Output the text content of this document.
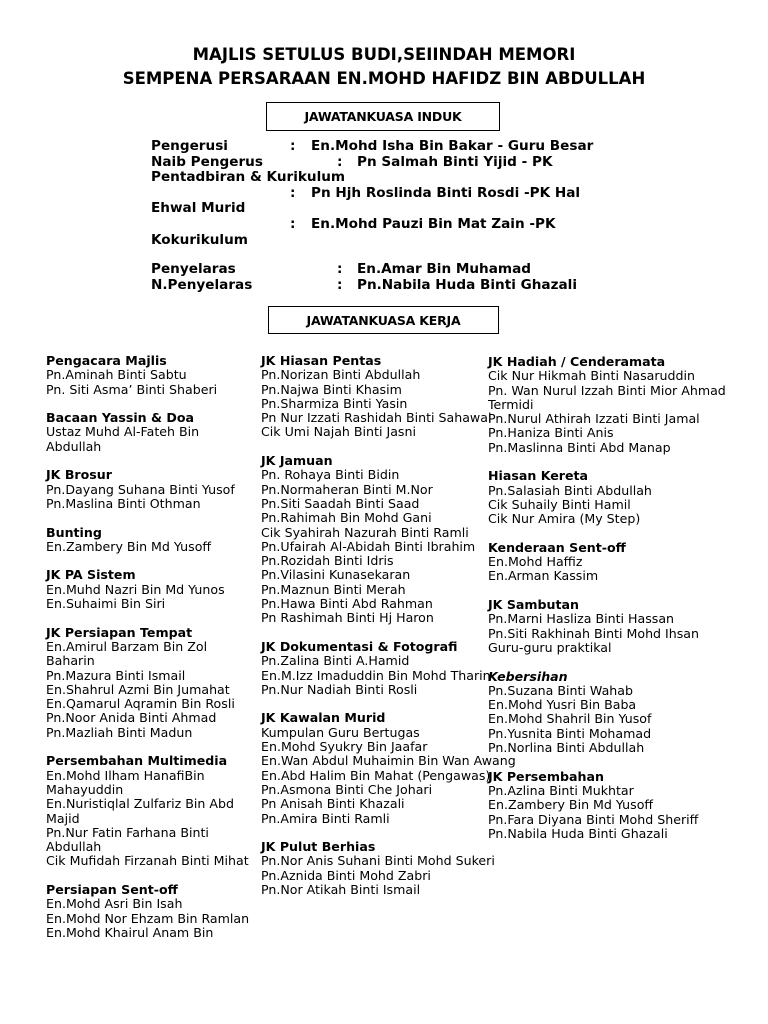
MAJLIS SETULUS BUDI,SEIINDAH MEMORI
SEMPENA PERSARAAN EN.MOHD HAFIDZ BIN ABDULLAH
JAWATANKUASA INDUK
Pengerusi	: En.Mohd Isha Bin Bakar - Guru Besar
Naib Pengerus	: Pn Salmah Binti Yijid - PK
Pentadbiran & Kurikulum
: Pn Hjh Roslinda Binti Rosdi -PK Hal
Ehwal Murid
: En.Mohd Pauzi Bin Mat Zain -PK
Kokurikulum
Penyelaras	: En.Amar Bin Muhamad
N.Penyelaras	: Pn.Nabila Huda Binti Ghazali
JAWATANKUASA KERJA
Pengacara Majlis
Pn.Aminah Binti Sabtu
Pn. Siti Asma’ Binti Shaberi
Bacaan Yassin & Doa
Ustaz Muhd Al-Fateh Bin Abdullah
JK Brosur
Pn.Dayang Suhana Binti Yusof
Pn.Maslina Binti Othman
Bunting
En.Zambery Bin Md Yusoff
JK PA Sistem
En.Muhd Nazri Bin Md Yunos
En.Suhaimi Bin Siri
JK Persiapan Tempat
En.Amirul Barzam Bin Zol Baharin
Pn.Mazura Binti Ismail
En.Shahrul Azmi Bin Jumahat
En.Qamarul Aqramin Bin Rosli
Pn.Noor Anida Binti Ahmad
Pn.Mazliah Binti Madun
Persembahan Multimedia
En.Mohd Ilham HanafiBin Mahayuddin
En.Nuristiqlal Zulfariz Bin Abd Majid
Pn.Nur Fatin Farhana Binti Abdullah
Cik Mufidah Firzanah Binti Mihat
Persiapan Sent-off
En.Mohd Asri Bin Isah
En.Mohd Nor Ehzam Bin Ramlan
En.Mohd Khairul Anam Bin
JK Hiasan Pentas
Pn.Norizan Binti Abdullah
Pn.Najwa Binti Khasim
Pn.Sharmiza Binti Yasin
Pn Nur Izzati Rashidah Binti Sahawal
Cik Umi Najah Binti Jasni
JK Jamuan
Pn. Rohaya Binti Bidin
Pn.Normaheran Binti M.Nor
Pn.Siti Saadah Binti Saad
Pn.Rahimah Bin Mohd Gani
Cik Syahirah Nazurah Binti Ramli
Pn.Ufairah Al-Abidah Binti Ibrahim
Pn.Rozidah Binti Idris
Pn.Vilasini Kunasekaran
Pn.Maznun Binti Merah
Pn.Hawa Binti Abd Rahman
Pn Rashimah Binti Hj Haron
JK Dokumentasi & Fotografi
Pn.Zalina Binti A.Hamid
En.M.Izz Imaduddin Bin Mohd Tharin
Pn.Nur Nadiah Binti Rosli
JK Kawalan Murid
Kumpulan Guru Bertugas
En.Mohd Syukry Bin Jaafar
En.Wan Abdul Muhaimin Bin Wan Awang
En.Abd Halim Bin Mahat (Pengawas)
Pn.Asmona Binti Che Johari
Pn Anisah Binti Khazali
Pn.Amira Binti Ramli
JK Pulut Berhias
Pn.Nor Anis Suhani Binti Mohd Sukeri
Pn.Aznida Binti Mohd Zabri
Pn.Nor Atikah Binti Ismail
JK Hadiah / Cenderamata
Cik Nur Hikmah Binti Nasaruddin
Pn. Wan Nurul Izzah Binti Mior Ahmad Termidi
Pn.Nurul Athirah Izzati Binti Jamal
Pn.Haniza Binti Anis
Pn.Maslinna Binti Abd Manap
Hiasan Kereta
Pn.Salasiah Binti Abdullah
Cik Suhaily Binti Hamil
Cik Nur Amira (My Step)
Kenderaan Sent-off
En.Mohd Haffiz
En.Arman Kassim
JK Sambutan
Pn.Marni Hasliza Binti Hassan
Pn.Siti Rakhinah Binti Mohd Ihsan
Guru-guru praktikal
Kebersihan
Pn.Suzana Binti Wahab
En.Mohd Yusri Bin Baba
En.Mohd Shahril Bin Yusof
Pn.Yusnita Binti Mohamad
Pn.Norlina Binti Abdullah
JK Persembahan
Pn.Azlina Binti Mukhtar
En.Zambery Bin Md Yusoff
Pn.Fara Diyana Binti Mohd Sheriff
Pn.Nabila Huda Binti Ghazali
